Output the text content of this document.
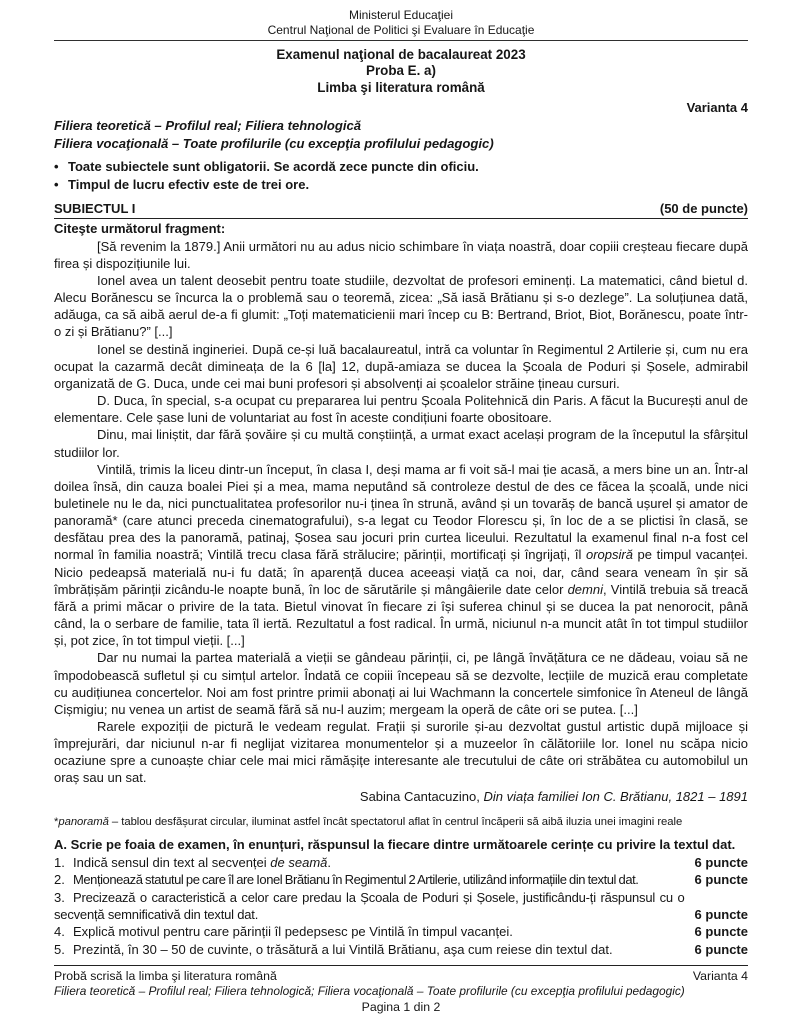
Ministerul Educaţiei
Centrul Naţional de Politici şi Evaluare în Educaţie
Examenul naţional de bacalaureat 2023
Proba E. a)
Limba şi literatura română
Varianta 4
Filiera teoretică – Profilul real; Filiera tehnologică
Filiera vocaţională – Toate profilurile (cu excepţia profilului pedagogic)
• Toate subiectele sunt obligatorii. Se acordă zece puncte din oficiu.
• Timpul de lucru efectiv este de trei ore.
SUBIECTUL I	(50 de puncte)
Citeşte următorul fragment:

[Să revenim la 1879.] Anii următori nu au adus nicio schimbare în viața noastră, doar copiii creșteau fiecare după firea și dispozițiunile lui.

Ionel avea un talent deosebit pentru toate studiile, dezvoltat de profesori eminenți. La matematici, când bietul d. Alecu Borănescu se încurca la o problemă sau o teoremă, zicea: „Să iasă Brătianu și s-o dezlege”. La soluțiunea dată, adăuga, ca să aibă aerul de-a fi glumit: „Toți matematicienii mari încep cu B: Bertrand, Briot, Biot, Borănescu, poate într-o zi și Brătianu?” [...]

Ionel se destină ingineriei. După ce-și luă bacalaureatul, intră ca voluntar în Regimentul 2 Artilerie și, cum nu era ocupat la cazarmă decât dimineața de la 6 [la] 12, după-amiaza se ducea la Școala de Poduri și Șosele, admirabil organizată de G. Duca, unde cei mai buni profesori și absolvenți ai școalelor străine țineau cursuri.

D. Duca, în special, s-a ocupat cu prepararea lui pentru Școala Politehnică din Paris. A făcut la București anul de elementare. Cele șase luni de voluntariat au fost în aceste condițiuni foarte obositoare.

Dinu, mai liniștit, dar fără șovăire și cu multă conștiință, a urmat exact același program de la începutul la sfârșitul studiilor lor.

Vintilă, trimis la liceu dintr-un început, în clasa I, deși mama ar fi voit să-l mai ție acasă, a mers bine un an. Într-al doilea însă, din cauza boalei Piei și a mea, mama neputând să controleze destul de des ce făcea la școală, unde nici buletinele nu le da, nici punctualitatea profesorilor nu-i ținea în strună, având și un tovarăș de bancă ușurel și amator de panoramă* (care atunci preceda cinematografului), s-a legat cu Teodor Florescu și, în loc de a se plictisi în clasă, se desfătau prea des la panoramă, patinaj, Șosea sau jocuri prin curtea liceului. Rezultatul la examenul final n-a fost cel normal în familia noastră; Vintilă trecu clasa fără strălucire; părinții, mortificați și îngrijați, îl oropsiră pe timpul vacanței. Nicio pedeapsă materială nu-i fu dată; în aparență ducea aceeași viață ca noi, dar, când seara veneam în șir să îmbrățișăm părinții zicându-le noapte bună, în loc de sărutările și mângâierile date celor demni, Vintilă trebuia să treacă fără a primi măcar o privire de la tata. Bietul vinovat în fiecare zi își suferea chinul și se ducea la pat nenorocit, până când, la o serbare de familie, tata îl iertă. Rezultatul a fost radical. În urmă, niciunul n-a muncit atât în tot timpul studiilor și, pot zice, în tot timpul vieții. [...]

Dar nu numai la partea materială a vieții se gândeau părinții, ci, pe lângă învățătura ce ne dădeau, voiau să ne împodobească sufletul și cu simțul artelor. Îndată ce copiii începeau să se dezvolte, lecțiile de muzică erau completate cu audițiunea concertelor. Noi am fost printre primii abonați ai lui Wachmann la concertele simfonice în Ateneul de lângă Cișmigiu; nu venea un artist de seamă fără să nu-l auzim; mergeam la operă de câte ori se putea. [...]

Rarele expoziții de pictură le vedeam regulat. Frații și surorile și-au dezvoltat gustul artistic după mijloace și împrejurări, dar niciunul n-ar fi neglijat vizitarea monumentelor și a muzeelor în călătoriile lor. Ionel nu scăpa nicio ocaziune spre a cunoaște chiar cele mai mici rămășițe interesante ale trecutului de câte ori străbătea cu automobilul un oraș sau un sat.

Sabina Cantacuzino, Din viața familiei Ion C. Brătianu, 1821 – 1891
*panoramă – tablou desfășurat circular, iluminat astfel încât spectatorul aflat în centrul încăperii să aibă iluzia unei imagini reale
A. Scrie pe foaia de examen, în enunțuri, răspunsul la fiecare dintre următoarele cerințe cu privire la textul dat.
1. Indică sensul din text al secvenței de seamă.	6 puncte
2. Menționează statutul pe care îl are Ionel Brătianu în Regimentul 2 Artilerie, utilizând informațiile din textul dat.	6 puncte
3. Precizează o caracteristică a celor care predau la Școala de Poduri și Șosele, justificându-ți răspunsul cu o secvență semnificativă din textul dat.	6 puncte
4. Explică motivul pentru care părinții îl pedepsesc pe Vintilă în timpul vacanței.	6 puncte
5. Prezintă, în 30 – 50 de cuvinte, o trăsătură a lui Vintilă Brătianu, aşa cum reiese din textul dat.	6 puncte
Probă scrisă la limba şi literatura română	Varianta 4
Filiera teoretică – Profilul real; Filiera tehnologică; Filiera vocaţională – Toate profilurile (cu excepţia profilului pedagogic)
Pagina 1 din 2
